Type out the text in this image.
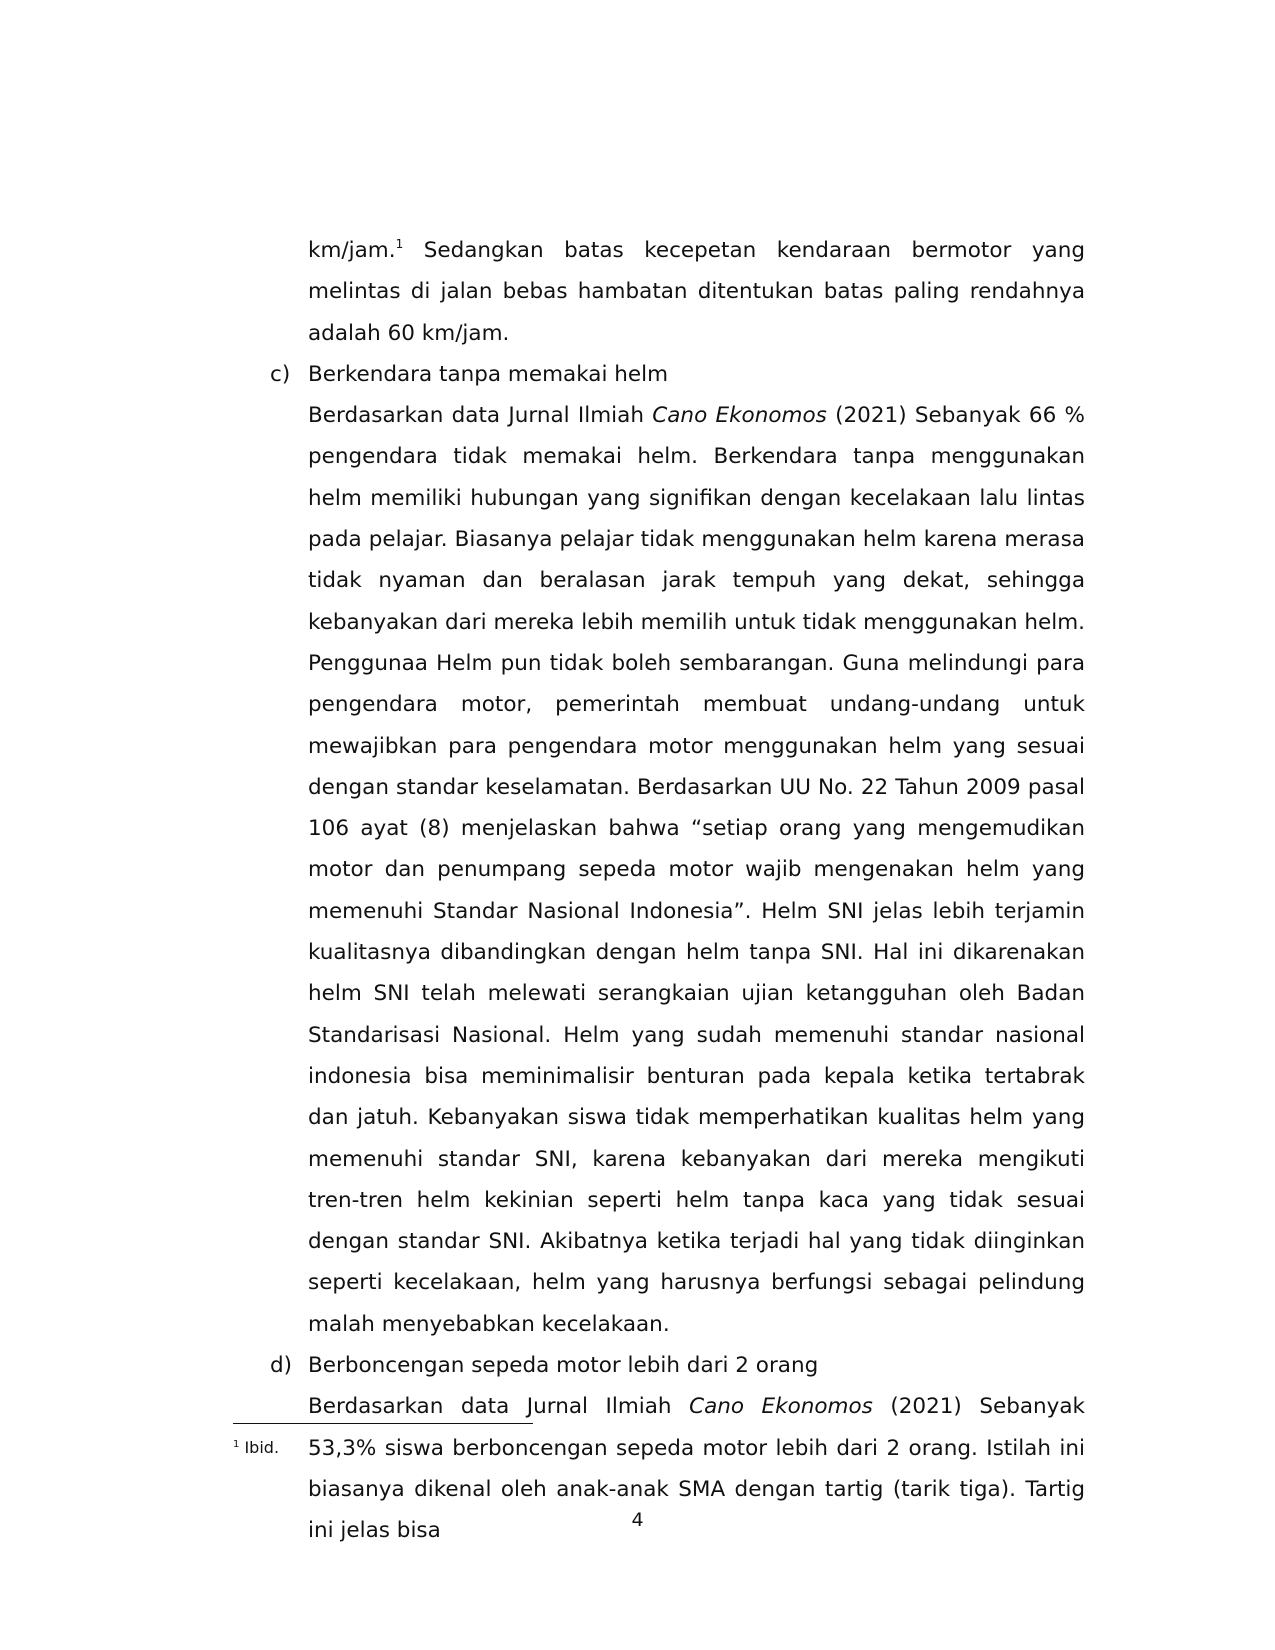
km/jam.$^1$ Sedangkan batas kecepetan kendaraan bermotor yang melintas di jalan bebas hambatan ditentukan batas paling rendahnya adalah 60 km/jam.

c) Berkendara tanpa memakai helm

Berdasarkan data Jurnal Ilmiah Cano Ekonomos (2021) Sebanyak 66 % pengendara tidak memakai helm. Berkendara tanpa menggunakan helm memiliki hubungan yang signifikan dengan kecelakaan lalu lintas pada pelajar. Biasanya pelajar tidak menggunakan helm karena merasa tidak nyaman dan beralasan jarak tempuh yang dekat, sehingga kebanyakan dari mereka lebih memilih untuk tidak menggunakan helm. Penggunaa Helm pun tidak boleh sembarangan. Guna melindungi para pengendara motor, pemerintah membuat undang-undang untuk mewajibkan para pengendara motor menggunakan helm yang sesuai dengan standar keselamatan. Berdasarkan UU No. 22 Tahun 2009 pasal 106 ayat (8) menjelaskan bahwa “setiap orang yang mengemudikan motor dan penumpang sepeda motor wajib mengenakan helm yang memenuhi Standar Nasional Indonesia”. Helm SNI jelas lebih terjamin kualitasnya dibandingkan dengan helm tanpa SNI. Hal ini dikarenakan helm SNI telah melewati serangkaian ujian ketangguhan oleh Badan Standarisasi Nasional. Helm yang sudah memenuhi standar nasional indonesia bisa meminimalisir benturan pada kepala ketika tertabrak dan jatuh. Kebanyakan siswa tidak memperhatikan kualitas helm yang memenuhi standar SNI, karena kebanyakan dari mereka mengikuti tren-tren helm kekinian seperti helm tanpa kaca yang tidak sesuai dengan standar SNI. Akibatnya ketika terjadi hal yang tidak diinginkan seperti kecelakaan, helm yang harusnya berfungsi sebagai pelindung malah menyebabkan kecelakaan.

d) Berboncengan sepeda motor lebih dari 2 orang

Berdasarkan data Jurnal Ilmiah Cano Ekonomos (2021) Sebanyak 53,3% siswa berboncengan sepeda motor lebih dari 2 orang. Istilah ini biasanya dikenal oleh anak-anak SMA dengan tartig (tarik tiga). Tartig ini jelas bisa

$^1$ Ibid.
4
